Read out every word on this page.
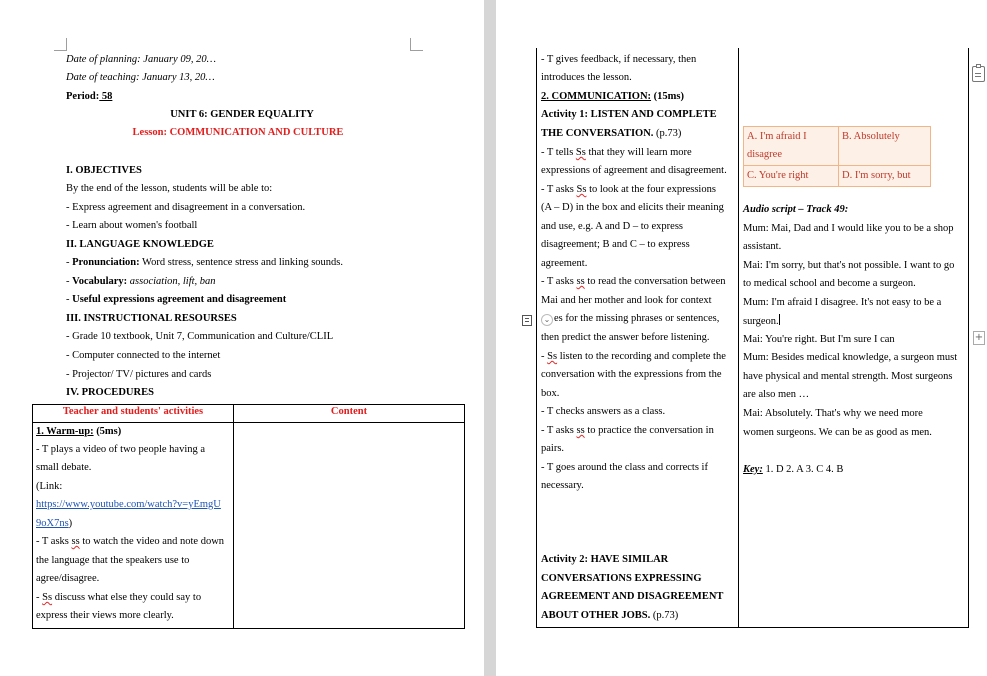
Date of planning: January 09, 20…
Date of teaching: January 13, 20…
Period: 58
UNIT 6: GENDER EQUALITY
Lesson: COMMUNICATION AND CULTURE
I. OBJECTIVES
By the end of the lesson, students will be able to:
- Express agreement and disagreement in a conversation.
- Learn about women's football
II. LANGUAGE KNOWLEDGE
- Pronunciation: Word stress, sentence stress and linking sounds.
- Vocabulary: association, lift, ban
- Useful expressions agreement and disagreement
III. INSTRUCTIONAL RESOURSES
- Grade 10 textbook, Unit 7, Communication and Culture/CLIL
- Computer connected to the internet
- Projector/ TV/ pictures and cards
IV. PROCEDURES
Teacher and students' activities	Content
1. Warm-up: (5ms)
- T plays a video of two people having a
small debate.
(Link:
https://www.youtube.com/watch?v=yEmgU
9oX7ns)
- T asks ss to watch the video and note down
the language that the speakers use to
agree/disagree.
- Ss discuss what else they could say to
express their views more clearly.
- T gives feedback, if necessary, then
introduces the lesson.
2. COMMUNICATION: (15ms)
Activity 1: LISTEN AND COMPLETE
THE CONVERSATION. (p.73)
- T tells Ss that they will learn more
expressions of agreement and disagreement.
- T asks Ss to look at the four expressions
(A – D) in the box and elicits their meaning
and use, e.g. A and D – to express
disagreement; B and C – to express
agreement.
- T asks ss to read the conversation between
Mai and her mother and look for context
⌄ es for the missing phrases or sentences,
then predict the answer before listening.
- Ss listen to the recording and complete the
conversation with the expressions from the
box.
- T checks answers as a class.
- T asks ss to practice the conversation in
pairs.
- T goes around the class and corrects if
necessary.
Activity 2: HAVE SIMILAR
CONVERSATIONS EXPRESSING
AGREEMENT AND DISAGREEMENT
ABOUT OTHER JOBS. (p.73)
A. I'm afraid I
disagree
B. Absolutely
C. You're right	D. I'm sorry, but
Audio script – Track 49:
Mum: Mai, Dad and I would like you to be a shop
assistant.
Mai: I'm sorry, but that's not possible. I want to go
to medical school and become a surgeon.
Mum: I'm afraid I disagree. It's not easy to be a
surgeon.
Mai: You're right. But I'm sure I can
Mum: Besides medical knowledge, a surgeon must
have physical and mental strength. Most surgeons
are also men …
Mai: Absolutely. That's why we need more
women surgeons. We can be as good as men.
Key: 1. D 2. A 3. C 4. B
+
